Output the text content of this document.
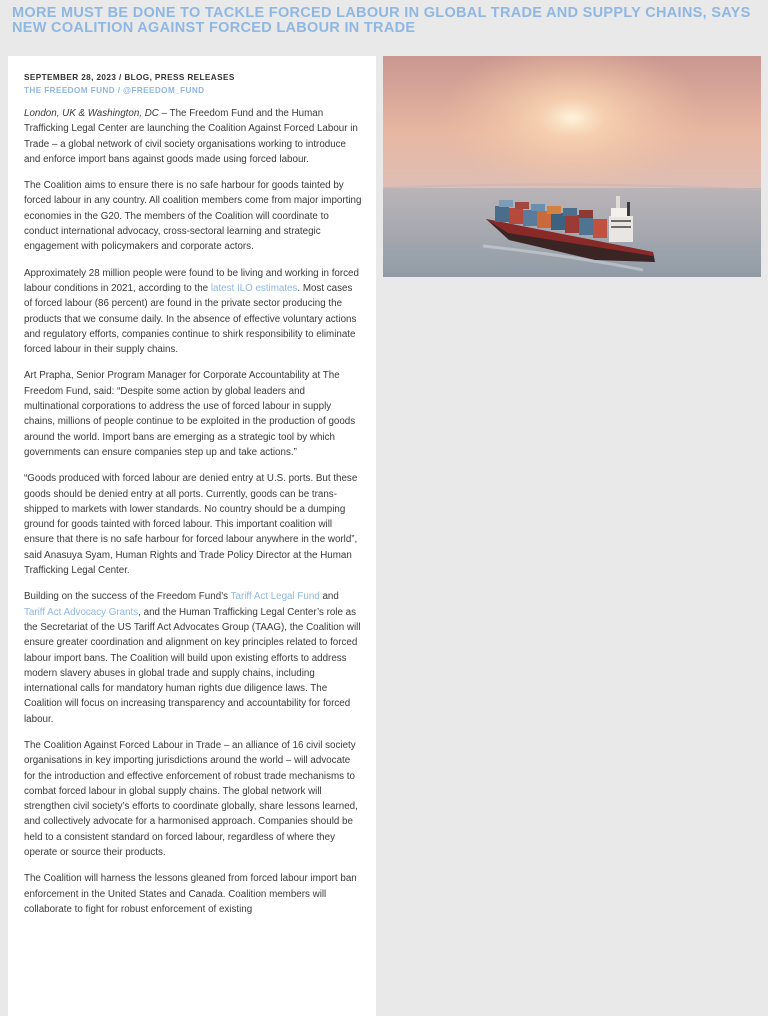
MORE MUST BE DONE TO TACKLE FORCED LABOUR IN GLOBAL TRADE AND SUPPLY CHAINS, SAYS NEW COALITION AGAINST FORCED LABOUR IN TRADE
SEPTEMBER 28, 2023 / BLOG, PRESS RELEASES
THE FREEDOM FUND / @FREEDOM_FUND

London, UK & Washington, DC – The Freedom Fund and the Human Trafficking Legal Center are launching the Coalition Against Forced Labour in Trade – a global network of civil society organisations working to introduce and enforce import bans against goods made using forced labour.

The Coalition aims to ensure there is no safe harbour for goods tainted by forced labour in any country. All coalition members come from major importing economies in the G20. The members of the Coalition will coordinate to conduct international advocacy, cross-sectoral learning and strategic engagement with policymakers and corporate actors.

Approximately 28 million people were found to be living and working in forced labour conditions in 2021, according to the latest ILO estimates. Most cases of forced labour (86 percent) are found in the private sector producing the products that we consume daily. In the absence of effective voluntary actions and regulatory efforts, companies continue to shirk responsibility to eliminate forced labour in their supply chains.

Art Prapha, Senior Program Manager for Corporate Accountability at The Freedom Fund, said: “Despite some action by global leaders and multinational corporations to address the use of forced labour in supply chains, millions of people continue to be exploited in the production of goods around the world. Import bans are emerging as a strategic tool by which governments can ensure companies step up and take actions.”

“Goods produced with forced labour are denied entry at U.S. ports. But these goods should be denied entry at all ports. Currently, goods can be trans-shipped to markets with lower standards. No country should be a dumping ground for goods tainted with forced labour. This important coalition will ensure that there is no safe harbour for forced labour anywhere in the world”, said Anasuya Syam, Human Rights and Trade Policy Director at the Human Trafficking Legal Center.

Building on the success of the Freedom Fund’s Tariff Act Legal Fund and Tariff Act Advocacy Grants, and the Human Trafficking Legal Center’s role as the Secretariat of the US Tariff Act Advocates Group (TAAG), the Coalition will ensure greater coordination and alignment on key principles related to forced labour import bans. The Coalition will build upon existing efforts to address modern slavery abuses in global trade and supply chains, including international calls for mandatory human rights due diligence laws. The Coalition will focus on increasing transparency and accountability for forced labour.

The Coalition Against Forced Labour in Trade – an alliance of 16 civil society organisations in key importing jurisdictions around the world – will advocate for the introduction and effective enforcement of robust trade mechanisms to combat forced labour in global supply chains. The global network will strengthen civil society’s efforts to coordinate globally, share lessons learned, and collectively advocate for a harmonised approach. Companies should be held to a consistent standard on forced labour, regardless of where they operate or source their products.

The Coalition will harness the lessons gleaned from forced labour import ban enforcement in the United States and Canada. Coalition members will collaborate to fight for robust enforcement of existing
